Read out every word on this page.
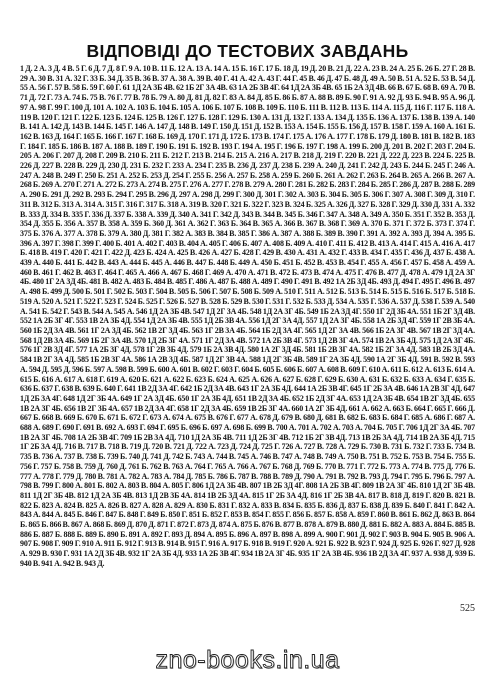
ВІДПОВІДІ ДО ТЕСТОВИХ ЗАВДАНЬ
1 Д. 2 А. 3 Д. 4 В. 5 Г. 6 Д. 7 Д. 8 Г. 9 А. 10 В. 11 Б. 12 А. 13 А. 14 А. 15 Б. 16 Г. 17 Б. 18 Д. 19 Д. 20 В. 21 Д. 22 А. 23 В. 24 А. 25 Б. 26 Б. 27 Г. 28 В. 29 А. 30 В. 31 А. 32 Г. 33 Б. 34 Д. 35 В. 36 В. 37 А. 38 А. 39 В. 40 Г. 41 А. 42 А. 43 Г. 44 Г. 45 В. 46 Д. 47 Б. 48 Д. 49 А. 50 В. 51 А. 52 Б. 53 В. 54 Д. 55 А. 56 Г. 57 В. 58 Б. 59 Г. 60 Г. 61 1Д 2А 3Б 4В. 62 1Б 2Г 3А 4В. 63 1А 2Б 3В 4Г. 64 1Д 2А 3Б 4В. 65 1Б 2А 3Д 4В. 66 В. 67 Б. 68 В. 69 А. 70 В. 71 Д. 72 Г. 73 А. 74 Б. 75 В. 76 Г. 77 В. 78 Б. 79 А. 80 Д. 81 Д. 82 Г. 83 А. 84 Д. 85 Б. 86 Б. 87 А. 88 В. 89 Б. 90 Г. 91 А. 92 Д. 93 Б. 94 В. 95 А. 96 Д. 97 А. 98 Г. 99 Г. 100 Д. 101 А. 102 А. 103 Б. 104 Б. 105 А. 106 Б. 107 Б. 108 В. 109 Б. 110 Б. 111 В. 112 В. 113 Б. 114 А. 115 Д. 116 Г. 117 Б. 118 А. 119 В. 120 Г. 121 Г. 122 Б. 123 Б. 124 Б. 125 В. 126 Г. 127 Б. 128 Г. 129 Б. 130 А. 131 Д. 132 Г. 133 А. 134 Д. 135 Б. 136 А. 137 Б. 138 В. 139 А. 140 В. 141 А. 142 Д. 143 В. 144 Б. 145 Г. 146 А. 147 Д. 148 В. 149 Г. 150 Д. 151 Д. 152 В. 153 А. 154 Б. 155 Б. 156 Д. 157 В. 158 Г. 159 А. 160 А. 161 Б. 162 В. 163 Д. 164 Г. 165 Б. 166 Г. 167 Г. 168 Б. 169 Д. 170 Г. 171 Д. 172 Б. 173 В. 174 Г. 175 А. 176 А. 177 Г. 178 Б. 179 Д. 180 В. 181 В. 182 В. 183 Г. 184 Г. 185 Б. 186 В. 187 А. 188 В. 189 Г. 190 Б. 191 Б. 192 В. 193 Г. 194 А. 195 Г. 196 Б. 197 Г. 198 А. 199 Б. 200 Д. 201 В. 202 Г. 203 Г. 204 Б. 205 А. 206 Г. 207 Д. 208 Г. 209 В. 210 Б. 211 Б. 212 Г. 213 В. 214 Б. 215 А. 216 А. 217 В. 218 Д. 219 Г. 220 В. 221 Д. 222 Д. 223 В. 224 Б. 225 В. 226 Д. 227 В. 228 В. 229 Д. 230 Д. 231 Б. 232 Г. 233 А. 234 Г. 235 В. 236 Д. 237 Д. 238 Б. 239 А. 240 Д. 241 Г. 242 Д. 243 Б. 244 Б. 245 Г. 246 А. 247 А. 248 В. 249 Г. 250 Б. 251 А. 252 Б. 253 Д. 254 Г. 255 Б. 256 А. 257 Б. 258 А. 259 Б. 260 Б. 261 А. 262 Г. 263 Б. 264 В. 265 А. 266 В. 267 А. 268 Б. 269 А. 270 Г. 271 А. 272 Б. 273 А. 274 В. 275 Г. 276 А. 277 Г. 278 В. 279 А. 280 Г. 281 Б. 282 Б. 283 Г. 284 Б. 285 Г. 286 Д. 287 В. 288 Б. 289 А. 290 Б. 291 Д. 292 В. 293 Б. 294 Г. 295 В. 296 Д. 297 А. 298 Д. 299 Г. 300 Д. 301 Г. 302 А. 303 Б. 304 Б. 305 Б. 306 Г. 307 А. 308 Г. 309 Д. 310 Г. 311 В. 312 Б. 313 А. 314 А. 315 Г. 316 Г. 317 Б. 318 А. 319 В. 320 Г. 321 Б. 322 Г. 323 В. 324 Б. 325 А. 326 Д. 327 Б. 328 Г. 329 Д. 330 Д. 331 А. 332 В. 333 Д. 334 В. 335 Г. 336 Д. 337 Б. 338 А. 339 Д. 340 А. 341 Г. 342 Д. 343 В. 344 В. 345 Б. 346 Г. 347 А. 348 А. 349 А. 350 Б. 351 Г. 352 В. 353 Д. 354 Д. 355 Б. 356 А. 357 В. 358 А. 359 Б. 360 Д. 361 А. 362 Г. 363 Б. 364 В. 365 А. 366 В. 367 В. 368 Г. 369 А. 370 Б. 371 Г. 372 Б. 373 Г. 374 Г. 375 Б. 376 А. 377 А. 378 Б. 379 А. 380 Д. 381 Г. 382 А. 383 В. 384 В. 385 Г. 386 А. 387 А. 388 Б. 389 В. 390 Г. 391 А. 392 А. 393 Д. 394 А. 395 Б. 396 А. 397 Г. 398 Г. 399 Г. 400 Б. 401 А. 402 Г. 403 В. 404 А. 405 Г. 406 Б. 407 А. 408 Б. 409 А. 410 Г. 411 Б. 412 В. 413 А. 414 Г. 415 А. 416 А. 417 Б. 418 В. 419 Г. 420 Г. 421 Г. 422 Д. 423 Б. 424 А. 425 В. 426 А. 427 Б. 428 Г. 429 В. 430 А. 431 А. 432 Г. 433 В. 434 Г. 435 Г. 436 Д. 437 Б. 438 А. 439 А. 440 Б. 441 Б. 442 В. 443 А. 444 Б. 445 А. 446 В. 447 Б. 448 Б. 449 А. 450 Б. 451 Б. 452 В. 453 В. 454 Г. 455 А. 456 Г. 457 Б. 458 А. 459 А. 460 В. 461 Г. 462 В. 463 Г. 464 Г. 465 А. 466 А. 467 Б. 468 Г. 469 А. 470 А. 471 В. 472 Б. 473 В. 474 А. 475 Г. 476 В. 477 Д. 478 А. 479 1Д 2А 3Г 4Б. 480 1Г 2А 3Д 4Б. 481 В. 482 А. 483 Б. 484 В. 485 Г. 486 А. 487 Б. 488 А. 489 Г. 490 Г. 491 В. 492 1А 2Б 3Д 4Б. 493 Д. 494 Г. 495 Г. 496 В. 497 А. 498 Б. 499 Д. 500 Б. 501 Г. 502 Б. 503 Г. 504 В. 505 Б. 506 Г. 507 Б. 508 Б. 509 А. 510 Г. 511 А. 512 Б. 513 Б. 514 Б. 515 Б. 516 Б. 517 Б. 518 Б. 519 А. 520 А. 521 Г. 522 Г. 523 Г. 524 Б. 525 Г. 526 Б. 527 В. 528 Б. 529 В. 530 Г. 531 Г. 532 Б. 533 Д. 534 А. 535 Г. 536 А. 537 Д. 538 Г. 539 А. 540 А. 541 Б. 542 Г. 543 В. 544 А. 545 А. 546 1Д 2А 3Б 4В. 547 1Д 2Г 3А 4Б. 548 1Д 2А 3Г 4Б. 549 1Б 2А 3Д 4Г. 550 1Г 2Д 3Б 4А. 551 1Б 2Г 3Д 4В. 552 1А 2Б 3Г 4Г. 553 1В 2А 3Б 4Д. 554 1Д 2А 3Б 4В. 555 1Д 2Б 3В 4А. 556 1Д 2Г 3А 4Д. 557 1Д 2А 3Г 4Б. 558 1А 2Б 3Д 4Г. 559 1Г 2В 3Б 4А. 560 1Б 2Д 3А 4В. 561 1Г 2А 3Д 4Б. 562 1В 2Г 3Д 4Б. 563 1Г 2В 3А 4Б. 564 1Б 2Д 3А 4Г. 565 1Д 2Г 3А 4В. 566 1Б 2А 3Г 4В. 567 1В 2Г 3Д 4А. 568 1Д 2В 3А 4Б. 569 1Б 2Г 3А 4В. 570 1Д 2Б 3Г 4А. 571 1Г 2Д 3А 4В. 572 1А 2Б 3В 4Г. 573 1Д 2В 3Г 4А. 574 1В 2А 3Б 4Д. 575 1Д 2А 3Г 4Б. 576 1Г 2В 3Д 4Г. 577 1А 2Б 3Г 4Д. 578 1Г 2В 3Б 4Д. 579 1Б 2А 3В 4Д. 580 1А 2Г 3Д 4Б. 581 1Б 2В 3Г 4А. 582 1Б 2Г 3А 4Д. 583 1В 2Б 3Д 4А. 584 1В 2Г 3А 4Д. 585 1Б 2В 3Г 4А. 586 1А 2В 3Д 4Б. 587 1Д 2Г 3В 4А. 588 1Д 2Г 3Б 4В. 589 1Г 2А 3Б 4Д. 590 1А 2Г 3Б 4Д. 591 В. 592 В. 593 А. 594 Д. 595 Д. 596 Б. 597 А. 598 В. 599 Б. 600 А. 601 В. 602 Г. 603 Г. 604 Б. 605 Б. 606 Б. 607 А. 608 В. 609 Г. 610 А. 611 Б. 612 А. 613 Б. 614 А. 615 Б. 616 А. 617 А. 618 Г. 619 А. 620 Б. 621 А. 622 Б. 623 Б. 624 А. 625 А. 626 А. 627 Б. 628 Г. 629 Б. 630 А. 631 Б. 632 Б. 633 А. 634 Г. 635 Б. 636 Б. 637 Г. 638 В. 639 Б. 640 Г. 641 1В 2Д 3А 4Г. 642 1Б 2Д 3А 4В. 643 1Г 2А 3Б 4Д. 644 1А 2Б 3В 4Г. 645 1Г 2Б 3А 4В. 646 1А 2В 3Г 4Д. 647 1Д 2Б 3А 4Г. 648 1Д 2Г 3Б 4А. 649 1Г 2А 3Д 4Б. 650 1Г 2А 3Б 4Д. 651 1В 2Д 3А 4Б. 652 1Б 2Д 3Г 4А. 653 1Д 2А 3Б 4В. 654 1В 2Г 3Д 4Б. 655 1В 2А 3Г 4Б. 656 1В 2Г 3Б 4А. 657 1В 2Д 3А 4Г. 658 1Г 2Д 3А 4Б. 659 1В 2Б 3Г 4А. 660 1А 2Г 3Б 4Д. 661 А. 662 А. 663 Б. 664 Г. 665 Г. 666 Д. 667 Б. 668 В. 669 Б. 670 Б. 671 Б. 672 Г. 673 А. 674 А. 675 В. 676 Г. 677 А. 678 Д. 679 В. 680 Д. 681 В. 682 Б. 683 Б. 684 Г. 685 А. 686 Г. 687 А. 688 А. 689 Г. 690 Г. 691 В. 692 А. 693 Г. 694 Г. 695 Б. 696 Б. 697 А. 698 Б. 699 В. 700 А. 701 А. 702 А. 703 А. 704 Б. 705 Г. 706 1Д 2Г 3А 4Б. 707 1В 2А 3Г 4Б. 708 1А 2Б 3В 4Г. 709 1Б 2В 3А 4Д. 710 1Д 2А 3Б 4В. 711 1Д 2Б 3Г 4В. 712 1Б 2Г 3В 4Д. 713 1В 2Б 3А 4Д. 714 1В 2А 3Б 4Д. 715 1Г 2Б 3А 4Д. 716 В. 717 В. 718 В. 719 Д. 720 В. 721 Д. 722 А. 723 Д. 724 Д. 725 Г. 726 А. 727 В. 728 А. 729 Б. 730 В. 731 Б. 732 Г. 733 Б. 734 В. 735 В. 736 А. 737 В. 738 Б. 739 Б. 740 Д. 741 Д. 742 Б. 743 А. 744 В. 745 А. 746 В. 747 А. 748 В. 749 А. 750 В. 751 В. 752 Б. 753 В. 754 Б. 755 Б. 756 Г. 757 Б. 758 В. 759 Д. 760 Д. 761 Б. 762 В. 763 А. 764 Г. 765 А. 766 А. 767 Б. 768 Д. 769 Б. 770 В. 771 Г. 772 Б. 773 А. 774 В. 775 Д. 776 Б. 777 А. 778 Г. 779 Д. 780 В. 781 А. 782 А. 783 А. 784 Д. 785 Б. 786 Б. 787 В. 788 В. 789 Д. 790 А. 791 В. 792 В. 793 Д. 794 Г. 795 Б. 796 Б. 797 А. 798 В. 799 Г. 800 А. 801 Б. 802 А. 803 В. 804 А. 805 Г. 806 1Д 2А 3Б 4В. 807 1В 2Б 3Д 4Г. 808 1А 2Б 3В 4Г. 809 1В 2А 3Г 4Б. 810 1Д 2Г 3Б 4В. 811 1Д 2Г 3Б 4В. 812 1Д 2А 3Б 4В. 813 1Д 2В 3Б 4А. 814 1В 2Б 3Д 4А. 815 1Г 2Б 3А 4Д. 816 1Г 2Б 3В 4А. 817 В. 818 Д. 819 Г. 820 В. 821 В. 822 Б. 823 А. 824 В. 825 А. 826 В. 827 А. 828 А. 829 А. 830 Б. 831 Г. 832 А. 833 В. 834 Б. 835 Б. 836 Д. 837 Б. 838 Д. 839 Б. 840 Г. 841 Г. 842 А. 843 А. 844 А. 845 Б. 846 Г. 847 Б. 848 Г. 849 Б. 850 Г. 851 Б. 852 Г. 853 В. 854 Г. 855 Г. 856 Б. 857 Б. 858 А. 859 Г. 860 В. 861 Б. 862 Д. 863 В. 864 Б. 865 Б. 866 В. 867 А. 868 Б. 869 Д. 870 Д. 871 Г. 872 Г. 873 Д. 874 А. 875 Б. 876 В. 877 В. 878 А. 879 В. 880 Д. 881 Б. 882 А. 883 А. 884 Б. 885 В. 886 Б. 887 Б. 888 Б. 889 Б. 890 Б. 891 А. 892 Г. 893 Д. 894 А. 895 Б. 896 А. 897 В. 898 А. 899 А. 900 Г. 901 Д. 902 Г. 903 В. 904 Б. 905 В. 906 А. 907 Б. 908 Г. 909 Г. 910 А. 911 Б. 912 Г. 913 В. 914 В. 915 Г. 916 А. 917 Б. 918 В. 919 Г. 920 А. 921 Б. 922 В. 923 Г. 924 Д. 925 Б. 926 Г. 927 Д. 928 А. 929 В. 930 Г. 931 1А 2Д 3Б 4В. 932 1Г 2А 3Б 4Д. 933 1А 2Б 3В 4Г. 934 1В 2А 3Г 4Б. 935 1Г 2А 3В 4Б. 936 1В 2Д 3А 4Г. 937 А. 938 Д. 939 Б. 940 В. 941 А. 942 В. 943 Д.
525
zno-books.in.ua
